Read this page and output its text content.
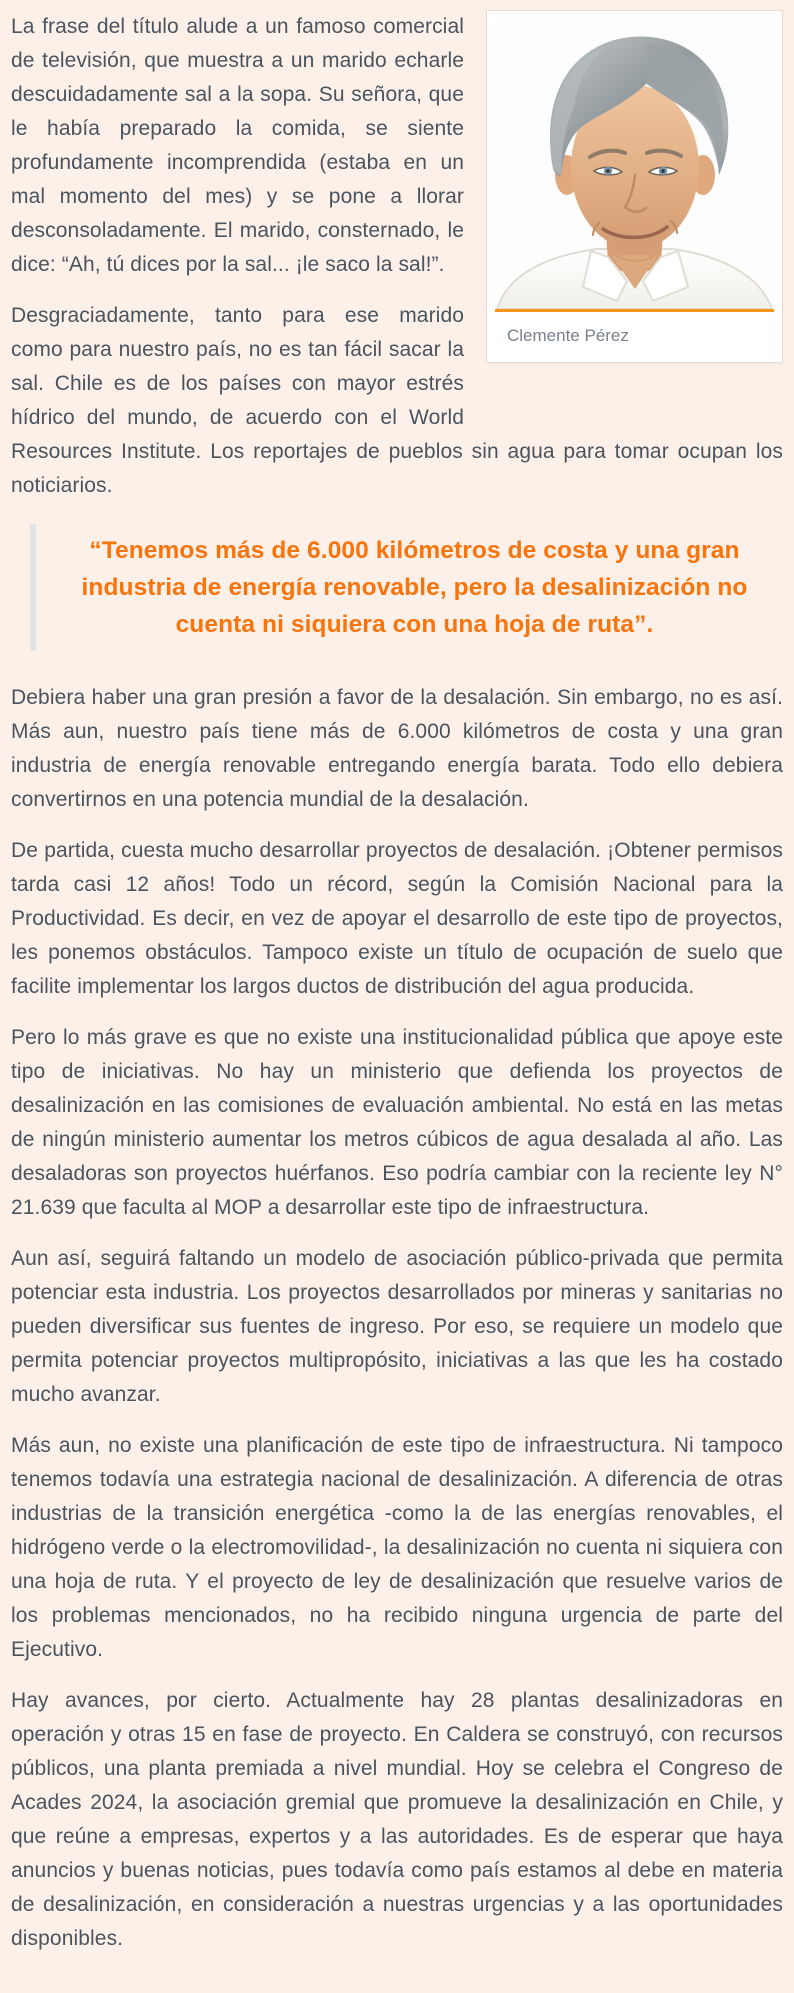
Clemente Pérez

La frase del título alude a un famoso comercial de televisión, que muestra a un marido echarle descuidadamente sal a la sopa. Su señora, que le había preparado la comida, se siente profundamente incomprendida (estaba en un mal momento del mes) y se pone a llorar desconsoladamente. El marido, consternado, le dice: “Ah, tú dices por la sal... ¡le saco la sal!”.

Desgraciadamente, tanto para ese marido como para nuestro país, no es tan fácil sacar la sal. Chile es de los países con mayor estrés hídrico del mundo, de acuerdo con el World Resources Institute. Los reportajes de pueblos sin agua para tomar ocupan los noticiarios.

“Tenemos más de 6.000 kilómetros de costa y una gran industria de energía renovable, pero la desalinización no cuenta ni siquiera con una hoja de ruta”.

Debiera haber una gran presión a favor de la desalación. Sin embargo, no es así. Más aun, nuestro país tiene más de 6.000 kilómetros de costa y una gran industria de energía renovable entregando energía barata. Todo ello debiera convertirnos en una potencia mundial de la desalación.

De partida, cuesta mucho desarrollar proyectos de desalación. ¡Obtener permisos tarda casi 12 años! Todo un récord, según la Comisión Nacional para la Productividad. Es decir, en vez de apoyar el desarrollo de este tipo de proyectos, les ponemos obstáculos. Tampoco existe un título de ocupación de suelo que facilite implementar los largos ductos de distribución del agua producida.

Pero lo más grave es que no existe una institucionalidad pública que apoye este tipo de iniciativas. No hay un ministerio que defienda los proyectos de desalinización en las comisiones de evaluación ambiental. No está en las metas de ningún ministerio aumentar los metros cúbicos de agua desalada al año. Las desaladoras son proyectos huérfanos. Eso podría cambiar con la reciente ley N° 21.639 que faculta al MOP a desarrollar este tipo de infraestructura.

Aun así, seguirá faltando un modelo de asociación público-privada que permita potenciar esta industria. Los proyectos desarrollados por mineras y sanitarias no pueden diversificar sus fuentes de ingreso. Por eso, se requiere un modelo que permita potenciar proyectos multipropósito, iniciativas a las que les ha costado mucho avanzar.

Más aun, no existe una planificación de este tipo de infraestructura. Ni tampoco tenemos todavía una estrategia nacional de desalinización. A diferencia de otras industrias de la transición energética -como la de las energías renovables, el hidrógeno verde o la electromovilidad-, la desalinización no cuenta ni siquiera con una hoja de ruta. Y el proyecto de ley de desalinización que resuelve varios de los problemas mencionados, no ha recibido ninguna urgencia de parte del Ejecutivo.

Hay avances, por cierto. Actualmente hay 28 plantas desalinizadoras en operación y otras 15 en fase de proyecto. En Caldera se construyó, con recursos públicos, una planta premiada a nivel mundial. Hoy se celebra el Congreso de Acades 2024, la asociación gremial que promueve la desalinización en Chile, y que reúne a empresas, expertos y a las autoridades. Es de esperar que haya anuncios y buenas noticias, pues todavía como país estamos al debe en materia de desalinización, en consideración a nuestras urgencias y a las oportunidades disponibles.
